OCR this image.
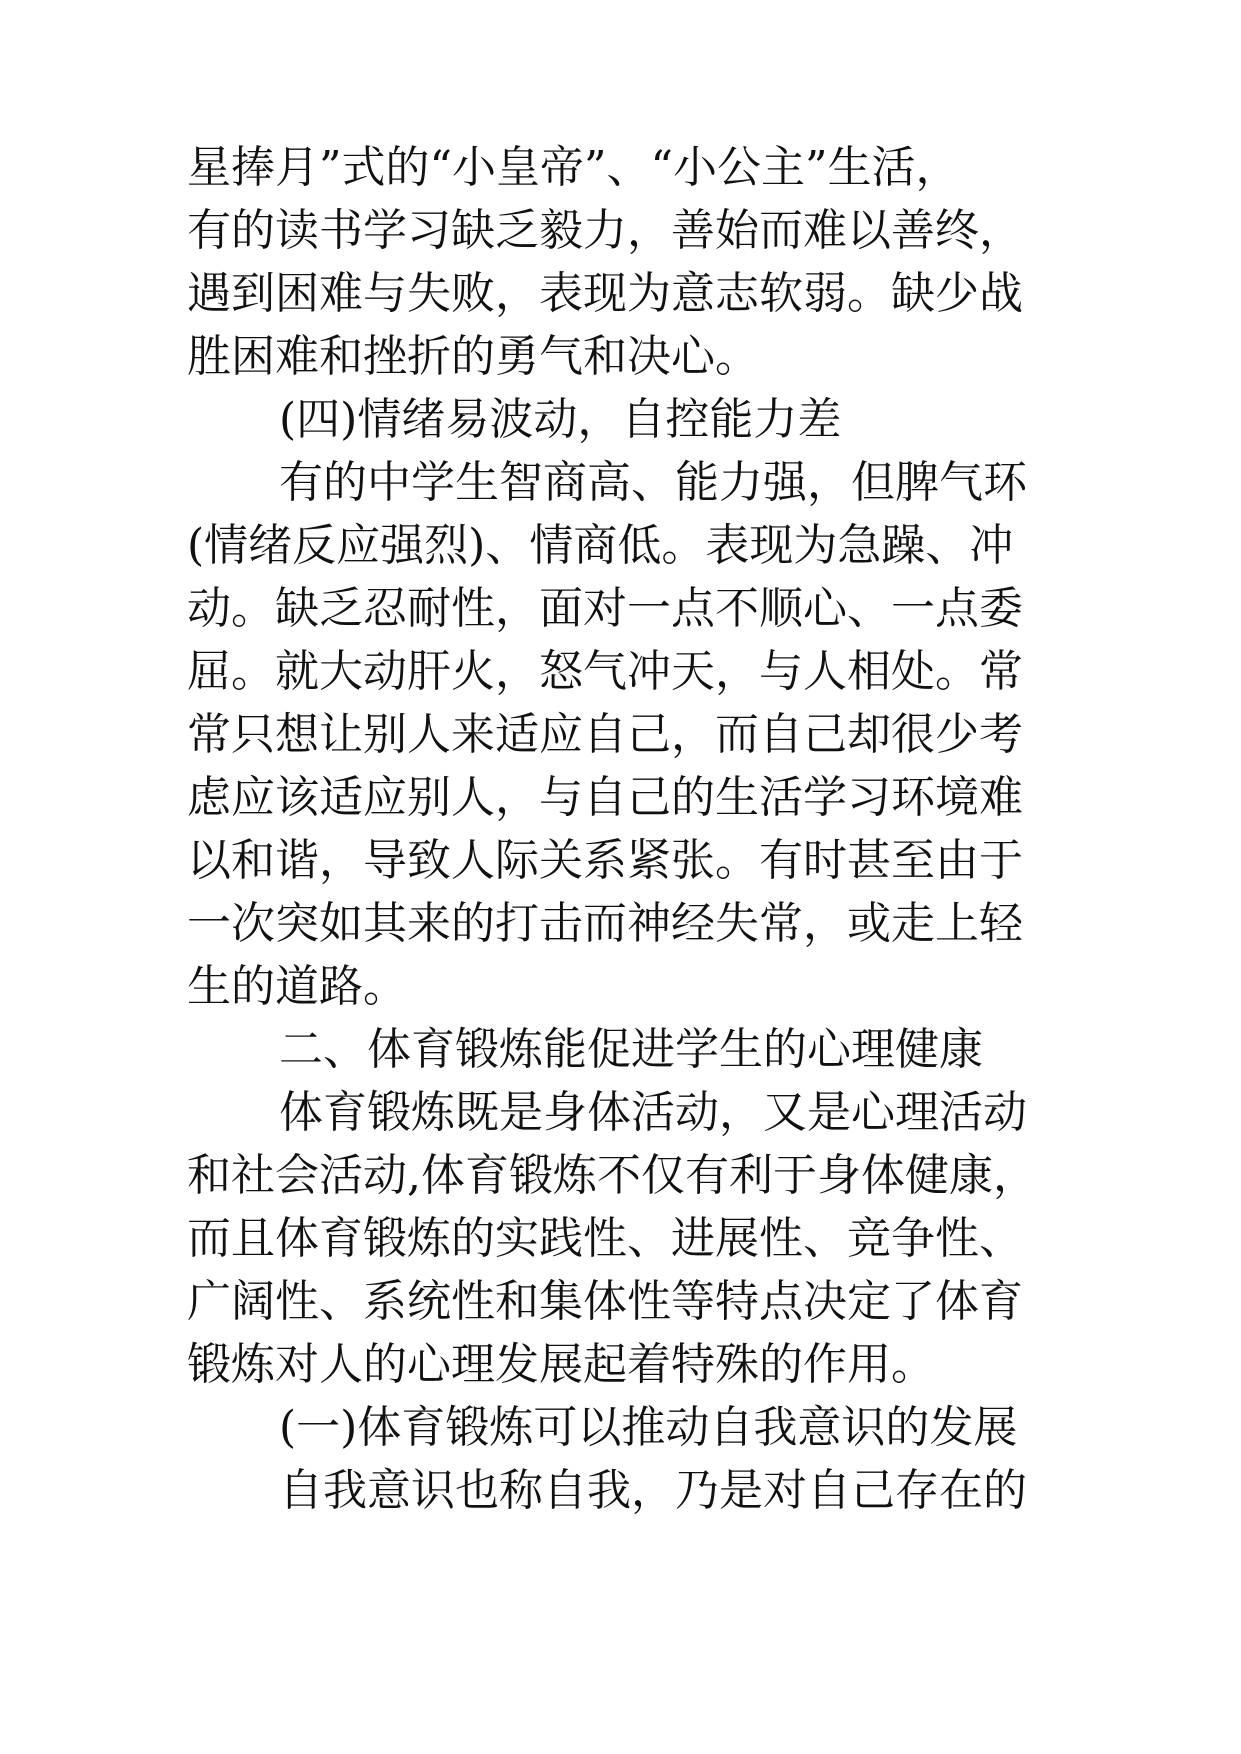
星捧月”式的“小皇帝”、“小公主”生活，
有的读书学习缺乏毅力，善始而难以善终，
遇到困难与失败，表现为意志软弱。缺少战
胜困难和挫折的勇气和决心。
(四)情绪易波动，自控能力差
有的中学生智商高、能力强，但脾气环
(情绪反应强烈)、情商低。表现为急躁、冲
动。缺乏忍耐性，面对一点不顺心、一点委
屈。就大动肝火，怒气冲天，与人相处。常
常只想让别人来适应自己，而自己却很少考
虑应该适应别人，与自己的生活学习环境难
以和谐，导致人际关系紧张。有时甚至由于
一次突如其来的打击而神经失常，或走上轻
生的道路。
二、体育锻炼能促进学生的心理健康
体育锻炼既是身体活动，又是心理活动
和社会活动,体育锻炼不仅有利于身体健康，
而且体育锻炼的实践性、进展性、竞争性、
广阔性、系统性和集体性等特点决定了体育
锻炼对人的心理发展起着特殊的作用。
(一)体育锻炼可以推动自我意识的发展
自我意识也称自我，乃是对自己存在的
